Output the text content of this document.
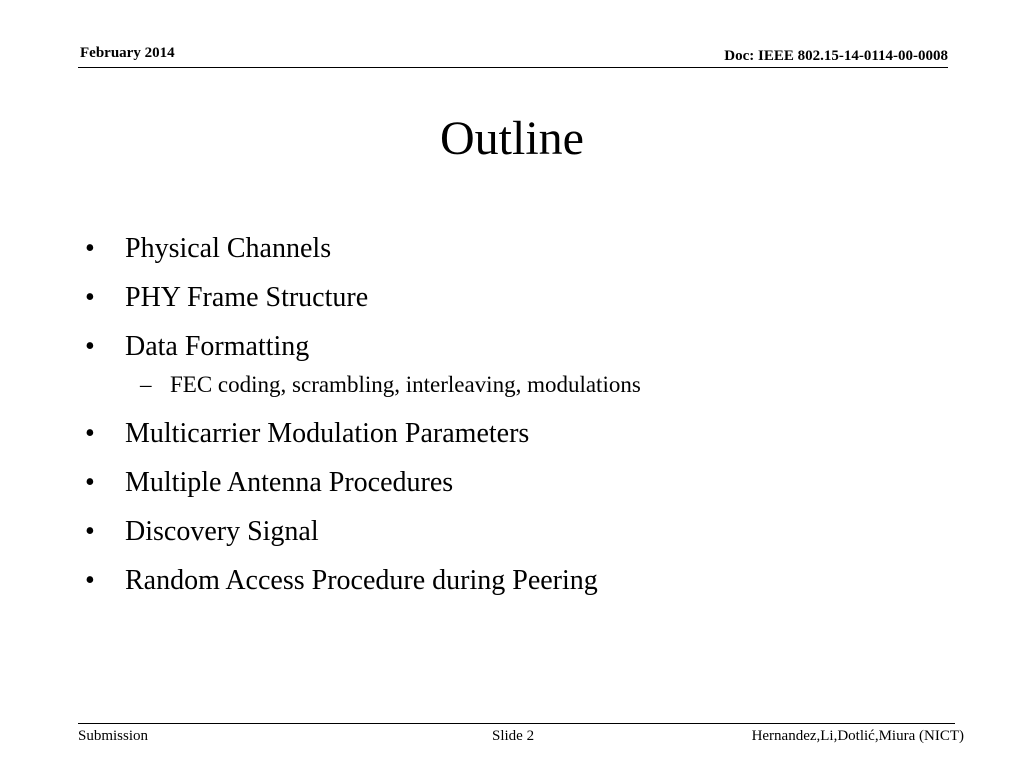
February 2014	Doc: IEEE 802.15-14-0114-00-0008
Outline
• Physical Channels
• PHY Frame Structure
• Data Formatting
– FEC coding, scrambling, interleaving, modulations
• Multicarrier Modulation Parameters
• Multiple Antenna Procedures
• Discovery Signal
• Random Access Procedure during Peering
Submission	Slide 2	Hernandez,Li,Dotlić,Miura (NICT)
